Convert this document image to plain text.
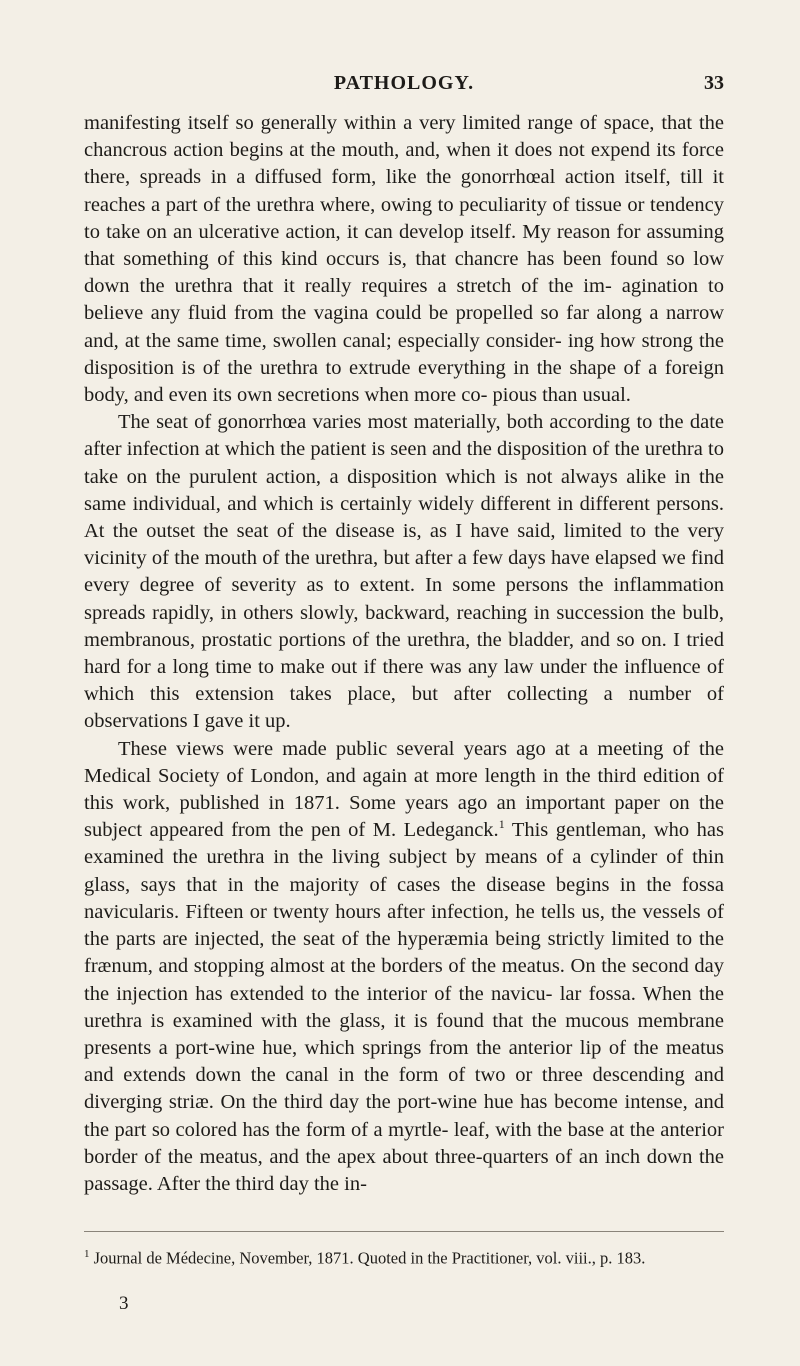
PATHOLOGY.	33

manifesting itself so generally within a very limited range of space, that the chancrous action begins at the mouth, and, when it does not expend its force there, spreads in a diffused form, like the gonorrhœal action itself, till it reaches a part of the urethra where, owing to peculiarity of tissue or tendency to take on an ulcerative action, it can develop itself. My reason for assuming that something of this kind occurs is, that chancre has been found so low down the urethra that it really requires a stretch of the im- agination to believe any fluid from the vagina could be propelled so far along a narrow and, at the same time, swollen canal; especially consider- ing how strong the disposition is of the urethra to extrude everything in the shape of a foreign body, and even its own secretions when more co- pious than usual.

The seat of gonorrhœa varies most materially, both according to the date after infection at which the patient is seen and the disposition of the urethra to take on the purulent action, a disposition which is not always alike in the same individual, and which is certainly widely different in different persons. At the outset the seat of the disease is, as I have said, limited to the very vicinity of the mouth of the urethra, but after a few days have elapsed we find every degree of severity as to extent. In some persons the inflammation spreads rapidly, in others slowly, backward, reaching in succession the bulb, membranous, prostatic portions of the urethra, the bladder, and so on. I tried hard for a long time to make out if there was any law under the influence of which this extension takes place, but after collecting a number of observations I gave it up.

These views were made public several years ago at a meeting of the Medical Society of London, and again at more length in the third edition of this work, published in 1871. Some years ago an important paper on the subject appeared from the pen of M. Ledeganck.$^1$ This gentleman, who has examined the urethra in the living subject by means of a cylinder of thin glass, says that in the majority of cases the disease begins in the fossa navicularis. Fifteen or twenty hours after infection, he tells us, the vessels of the parts are injected, the seat of the hyperæmia being strictly limited to the frænum, and stopping almost at the borders of the meatus. On the second day the injection has extended to the interior of the navicu- lar fossa. When the urethra is examined with the glass, it is found that the mucous membrane presents a port-wine hue, which springs from the anterior lip of the meatus and extends down the canal in the form of two or three descending and diverging striæ. On the third day the port-wine hue has become intense, and the part so colored has the form of a myrtle- leaf, with the base at the anterior border of the meatus, and the apex about three-quarters of an inch down the passage. After the third day the in-

$^1$ Journal de Médecine, November, 1871. Quoted in the Practitioner, vol. viii., p. 183.
3
